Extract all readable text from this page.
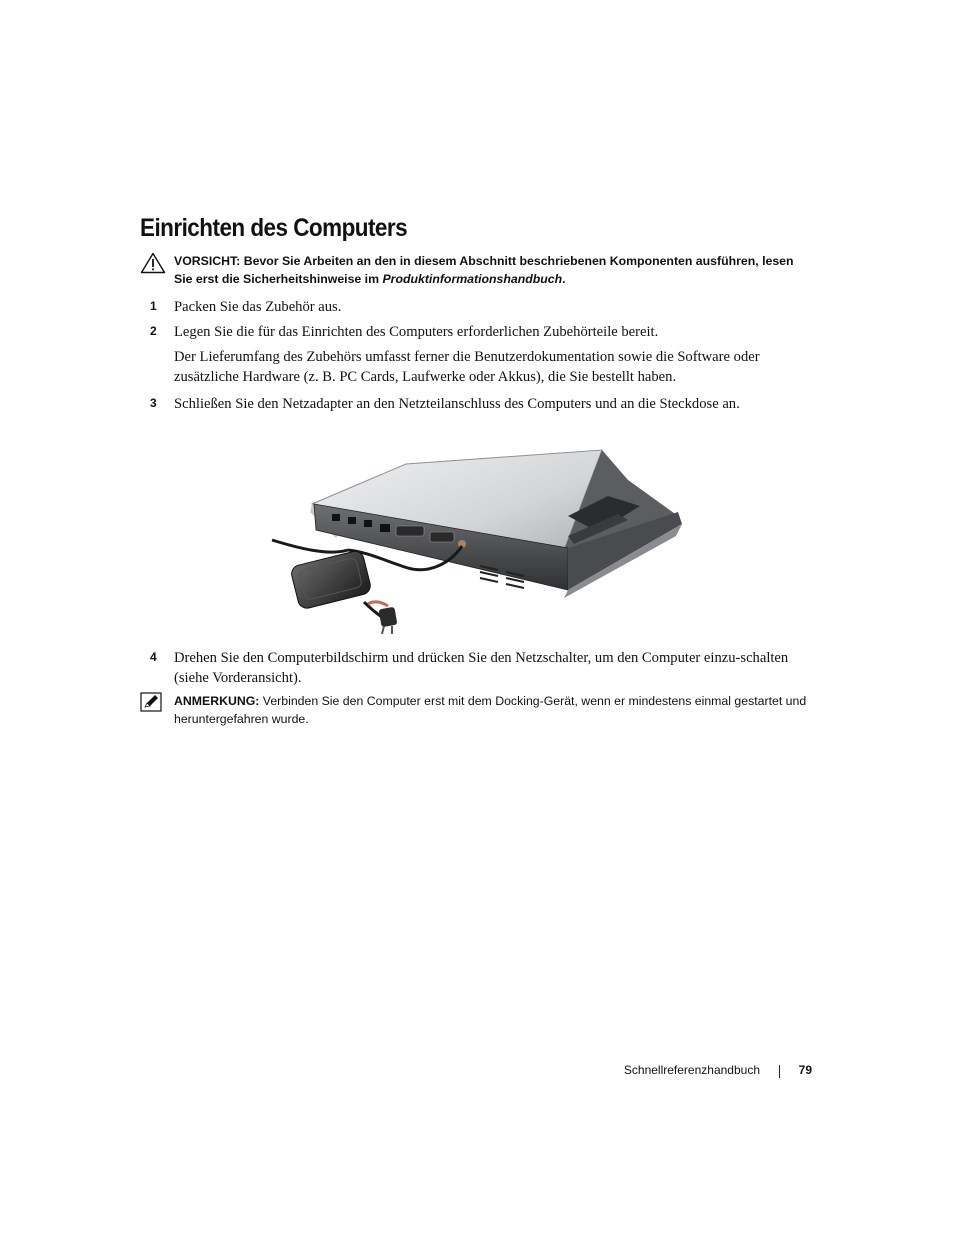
Einrichten des Computers
VORSICHT: Bevor Sie Arbeiten an den in diesem Abschnitt beschriebenen Komponenten ausführen, lesen Sie erst die Sicherheitshinweise im Produktinformationshandbuch.
1	Packen Sie das Zubehör aus.

2	Legen Sie die für das Einrichten des Computers erforderlichen Zubehörteile bereit.

Der Lieferumfang des Zubehörs umfasst ferner die Benutzerdokumentation sowie die Software oder zusätzliche Hardware (z. B. PC Cards, Laufwerke oder Akkus), die Sie bestellt haben.

3	Schließen Sie den Netzadapter an den Netzteilanschluss des Computers und an die Steckdose an.

4	Drehen Sie den Computerbildschirm und drücken Sie den Netzschalter, um den Computer einzu-schalten (siehe Vorderansicht).

ANMERKUNG: Verbinden Sie den Computer erst mit dem Docking-Gerät, wenn er mindestens einmal gestartet und heruntergefahren wurde.
Schnellreferenzhandbuch	79
